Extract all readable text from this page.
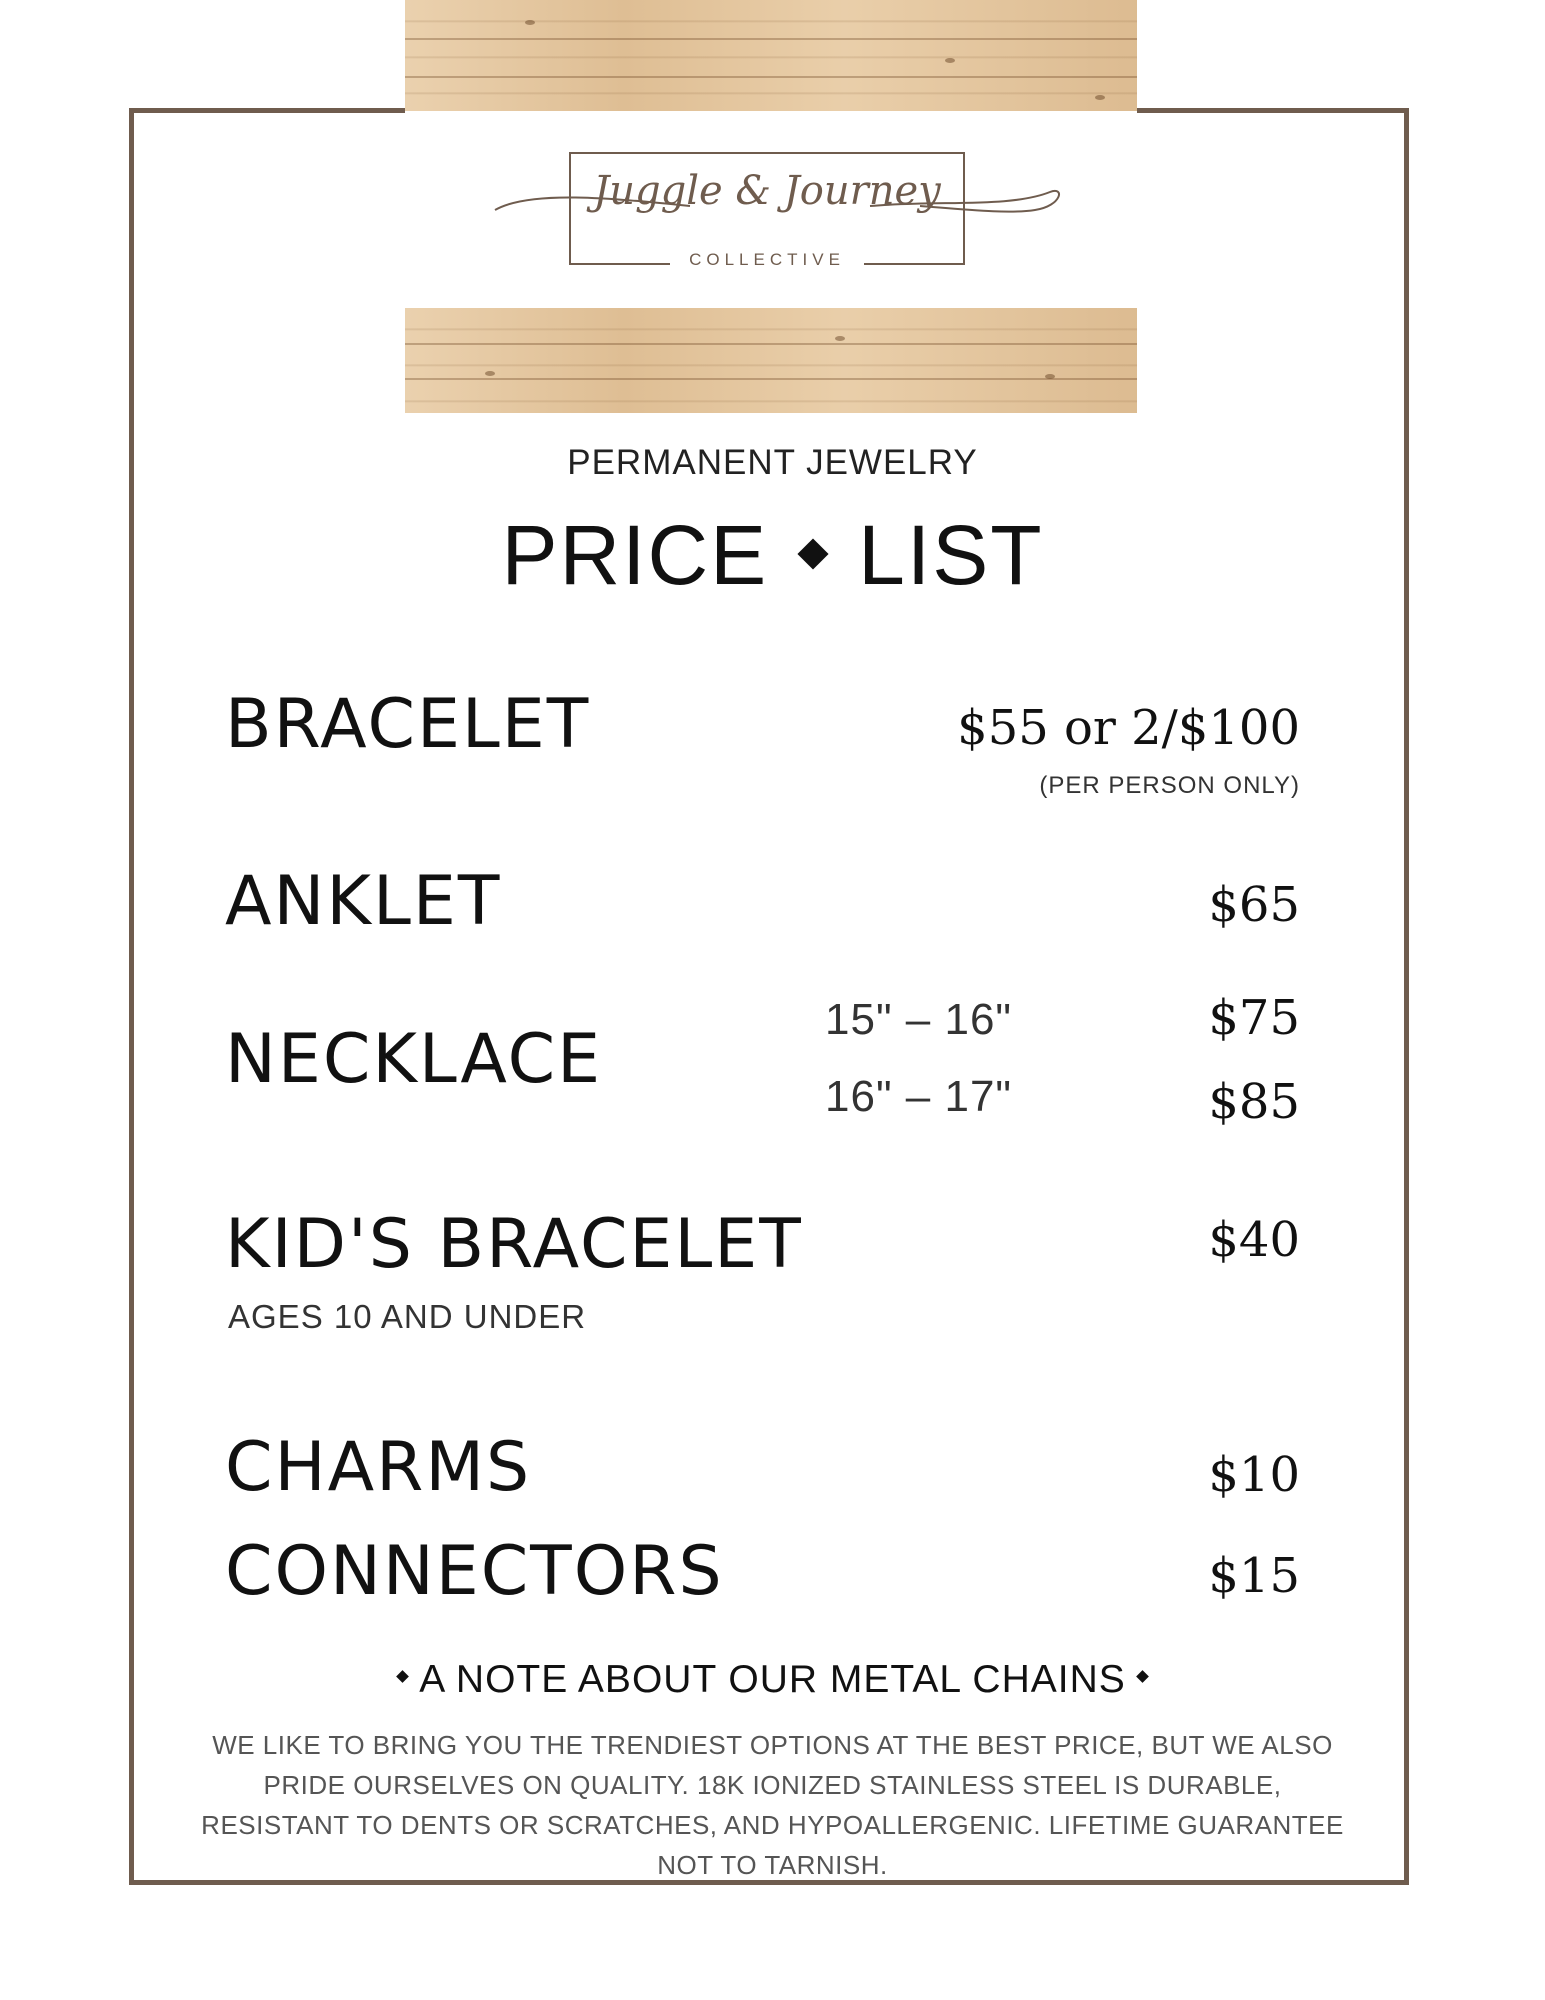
Juggle & Journey
COLLECTIVE
PERMANENT JEWELRY
PRICE LIST
BRACELET	$55 or 2/$100
(PER PERSON ONLY)
ANKLET	$65
NECKLACE
15" – 16"	$75
16" – 17"	$85
KID'S BRACELET	$40
AGES 10 AND UNDER
CHARMS	$10
CONNECTORS	$15
A NOTE ABOUT OUR METAL CHAINS
WE LIKE TO BRING YOU THE TRENDIEST OPTIONS AT THE BEST PRICE, BUT WE ALSO PRIDE OURSELVES ON QUALITY. 18K IONIZED STAINLESS STEEL IS DURABLE, RESISTANT TO DENTS OR SCRATCHES, AND HYPOALLERGENIC. LIFETIME GUARANTEE NOT TO TARNISH.
